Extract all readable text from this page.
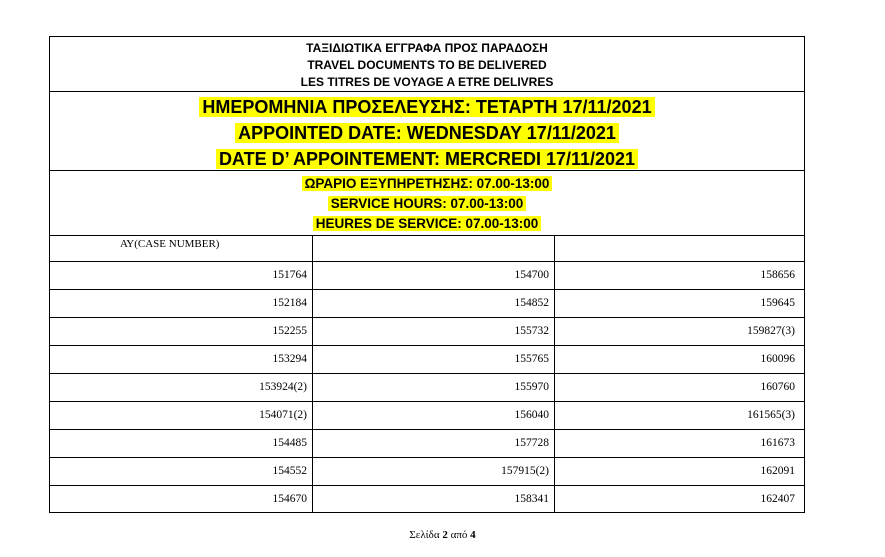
ΤΑΞΙΔΙΩΤΙΚΑ ΕΓΓΡΑΦΑ ΠΡΟΣ ΠΑΡΑΔΟΣΗ
TRAVEL DOCUMENTS TO BE DELIVERED
LES TITRES DE VOYAGE A ETRE DELIVRES
ΗΜΕΡΟΜΗΝΙΑ ΠΡΟΣΕΛΕΥΣΗΣ: ΤΕΤΑΡΤΗ 17/11/2021
APPOINTED DATE: WEDNESDAY 17/11/2021
DATE D’ APPOINTEMENT: MERCREDI 17/11/2021
ΩΡΑΡΙΟ ΕΞΥΠΗΡΕΤΗΣΗΣ: 07.00-13:00
SERVICE HOURS: 07.00-13:00
HEURES DE SERVICE: 07.00-13:00
ΑΥ(CASE NUMBER)
151764	154700	158656
152184	154852	159645
152255	155732	159827(3)
153294	155765	160096
153924(2)	155970	160760
154071(2)	156040	161565(3)
154485	157728	161673
154552	157915(2)	162091
154670	158341	162407
Σελίδα 2 από 4
